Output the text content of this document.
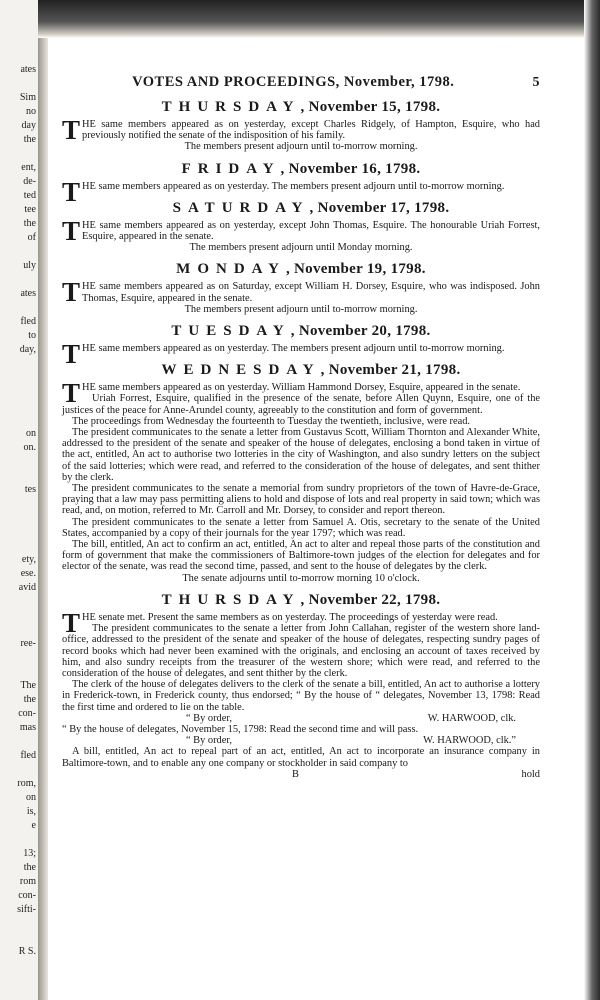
ates
Sim
no
day
the
ent,
de-
ted
tee
the
of
ulу
ates
fled
to
day,
on
on.
tes
ety,
ese.
avid
ree-
The
the
con-
mas
fled
rom,
on
is,
e
13;
the
rom
con-
sifti-
R S.
VOTES AND PROCEEDINGS, November, 1798.	5
THURSDAY, November 15, 1798.

THE same members appeared as on yesterday, except Charles Ridgely, of Hampton, Esquire, who had previously notified the senate of the indisposition of his family.

The members present adjourn until to-morrow morning.

FRIDAY, November 16, 1798.

THE same members appeared as on yesterday. The members present adjourn until to-morrow morning.

SATURDAY, November 17, 1798.

THE same members appeared as on yesterday, except John Thomas, Esquire. The honourable Uriah Forrest, Esquire, appeared in the senate.

The members present adjourn until Monday morning.

MONDAY, November 19, 1798.

THE same members appeared as on Saturday, except William H. Dorsey, Esquire, who was indisposed. John Thomas, Esquire, appeared in the senate.

The members present adjourn until to-morrow morning.

TUESDAY, November 20, 1798.

THE same members appeared as on yesterday. The members present adjourn until to-morrow morning.

WEDNESDAY, November 21, 1798.

THE same members appeared as on yesterday. William Hammond Dorsey, Esquire, appeared in the senate.

Uriah Forrest, Esquire, qualified in the presence of the senate, before Allen Quynn, Esquire, one of the justices of the peace for Anne-Arundel county, agreeably to the constitution and form of government.

The proceedings from Wednesday the fourteenth to Tuesday the twentieth, inclusive, were read.

The president communicates to the senate a letter from Gustavus Scott, William Thornton and Alexander White, addressed to the president of the senate and speaker of the house of delegates, enclosing a bond taken in virtue of the act, entitled, An act to authorise two lotteries in the city of Washington, and also sundry letters on the subject of the said lotteries; which were read, and referred to the consideration of the house of delegates, and sent thither by the clerk.

The president communicates to the senate a memorial from sundry proprietors of the town of Havre-de-Grace, praying that a law may pass permitting aliens to hold and dispose of lots and real property in said town; which was read, and, on motion, referred to Mr. Carroll and Mr. Dorsey, to consider and report thereon.

The president communicates to the senate a letter from Samuel A. Otis, secretary to the senate of the United States, accompanied by a copy of their journals for the year 1797; which was read.

The bill, entitled, An act to confirm an act, entitled, An act to alter and repeal those parts of the constitution and form of government that make the commissioners of Baltimore-town judges of the election for delegates and for elector of the senate, was read the second time, passed, and sent to the house of delegates by the clerk.

The senate adjourns until to-morrow morning 10 o'clock.

THURSDAY, November 22, 1798.

THE senate met. Present the same members as on yesterday. The proceedings of yesterday were read.

The president communicates to the senate a letter from John Callahan, register of the western shore land-office, addressed to the president of the senate and speaker of the house of delegates, respecting sundry pages of record books which had never been examined with the originals, and enclosing an account of taxes received by him, and also sundry receipts from the treasurer of the western shore; which were read, and referred to the consideration of the house of delegates, and sent thither by the clerk.

The clerk of the house of delegates delivers to the clerk of the senate a bill, entitled, An act to authorise a lottery in Frederick-town, in Frederick county, thus endorsed; “ By the house of “ delegates, November 13, 1798: Read the first time and ordered to lie on the table.

“ By order,	W. HARWOOD, clk.

“ By the house of delegates, November 15, 1798: Read the second time and will pass.

“ By order,	W. HARWOOD, clk.”

A bill, entitled, An act to repeal part of an act, entitled, An act to incorporate an insurance company in Baltimore-town, and to enable any one company or stockholder in said company to

B	hold
